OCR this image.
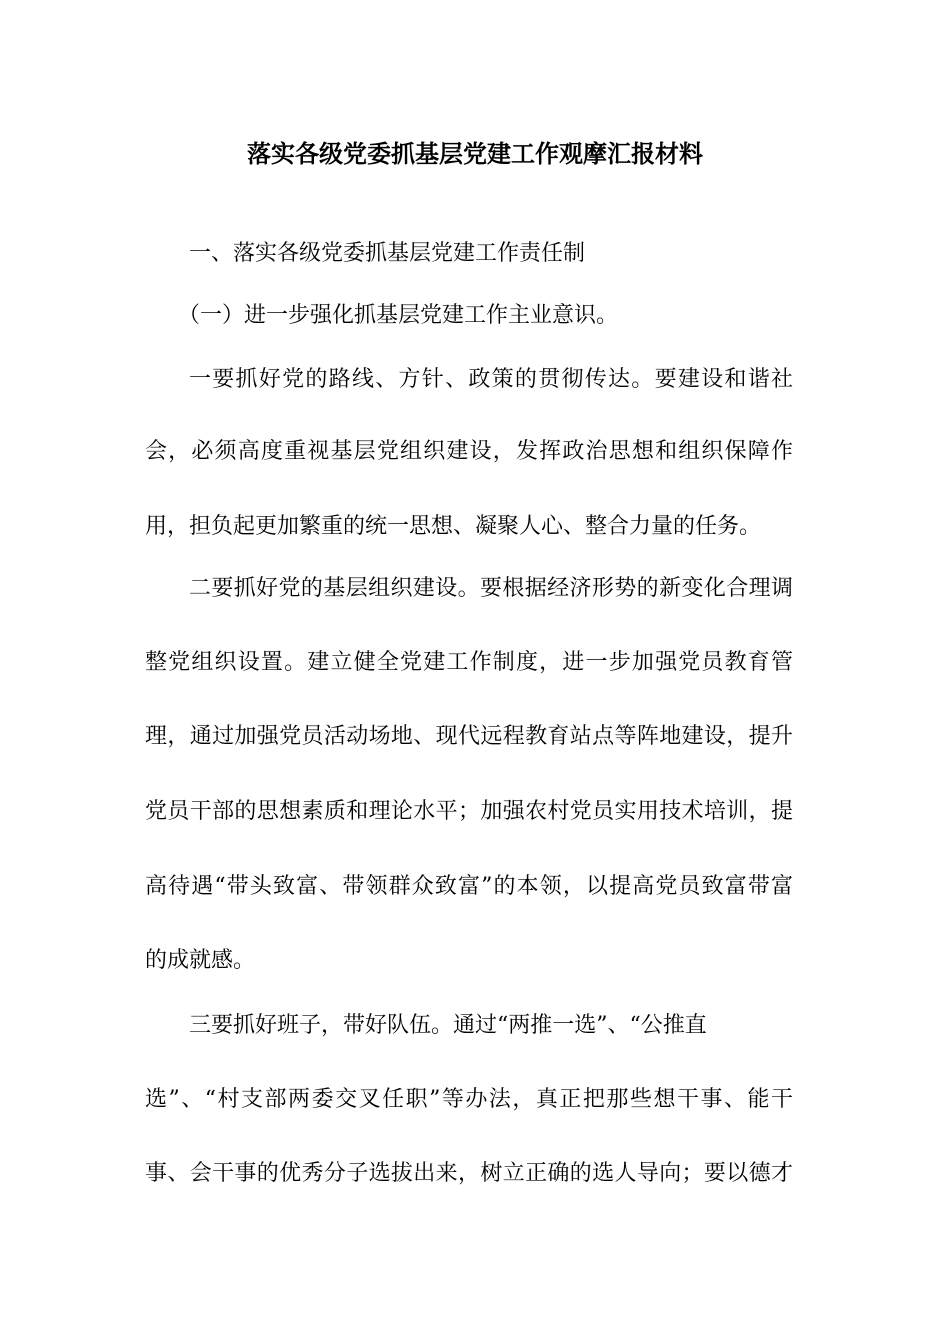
落实各级党委抓基层党建工作观摩汇报材料
一、落实各级党委抓基层党建工作责任制
（一）进一步强化抓基层党建工作主业意识。
一要抓好党的路线、方针、政策的贯彻传达。要建设和谐社
会，必须高度重视基层党组织建设，发挥政治思想和组织保障作
用，担负起更加繁重的统一思想、凝聚人心、整合力量的任务。
二要抓好党的基层组织建设。要根据经济形势的新变化合理调
整党组织设置。建立健全党建工作制度，进一步加强党员教育管
理，通过加强党员活动场地、现代远程教育站点等阵地建设，提升
党员干部的思想素质和理论水平；加强农村党员实用技术培训，提
高待遇“带头致富、带领群众致富”的本领，以提高党员致富带富
的成就感。
三要抓好班子，带好队伍。通过“两推一选”、“公推直
选”、“村支部两委交叉任职”等办法，真正把那些想干事、能干
事、会干事的优秀分子选拔出来，树立正确的选人导向；要以德才
